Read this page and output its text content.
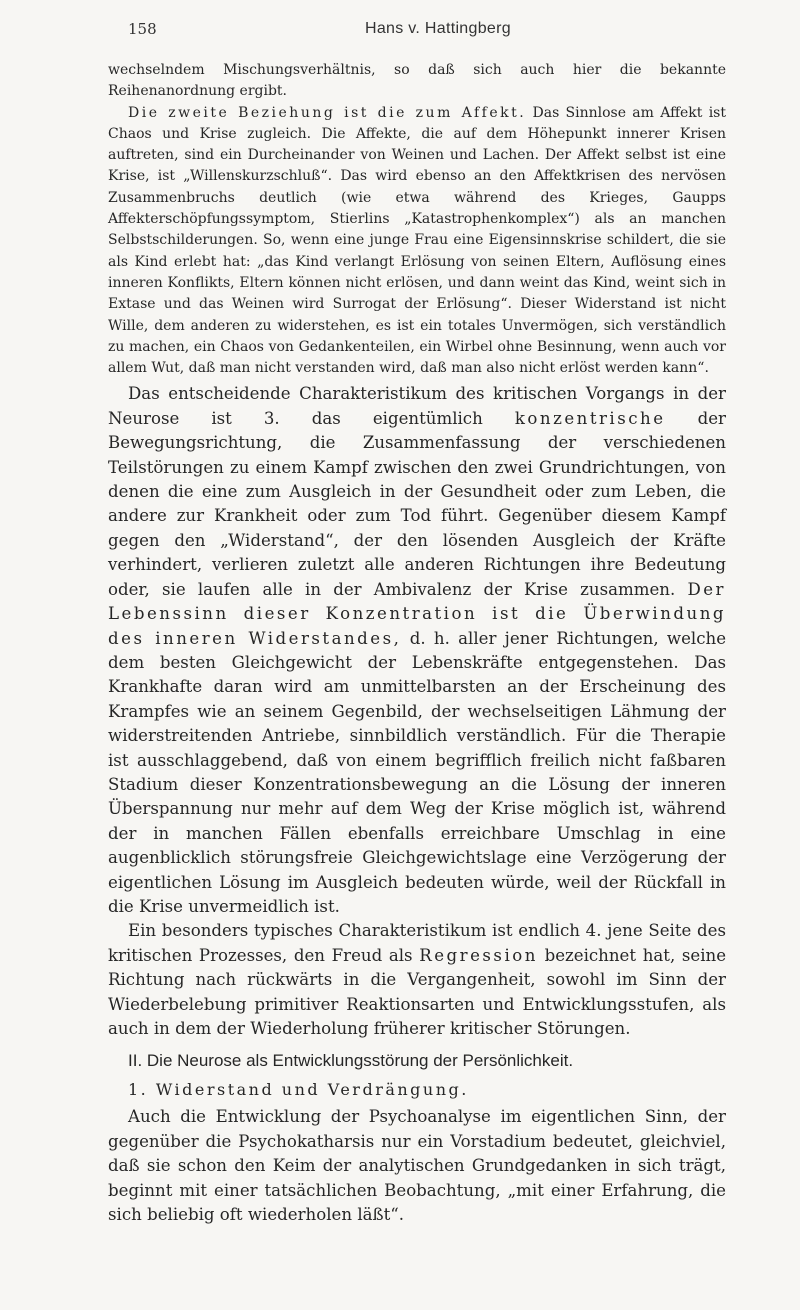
158	Hans v. Hattingberg

wechselndem Mischungsverhältnis, so daß sich auch hier die bekannte Reihenanordnung ergibt.

Die zweite Beziehung ist die zum Affekt. Das Sinnlose am Affekt ist Chaos und Krise zugleich. Die Affekte, die auf dem Höhepunkt innerer Krisen auftreten, sind ein Durcheinander von Weinen und Lachen. Der Affekt selbst ist eine Krise, ist „Willenskurzschluß“. Das wird ebenso an den Affektkrisen des nervösen Zusammenbruchs deutlich (wie etwa während des Krieges, Gaupps Affekterschöpfungssymptom, Stierlins „Katastrophenkomplex“) als an manchen Selbstschilderungen. So, wenn eine junge Frau eine Eigensinnskrise schildert, die sie als Kind erlebt hat: „das Kind verlangt Erlösung von seinen Eltern, Auflösung eines inneren Konflikts, Eltern können nicht erlösen, und dann weint das Kind, weint sich in Extase und das Weinen wird Surrogat der Erlösung“. Dieser Widerstand ist nicht Wille, dem anderen zu widerstehen, es ist ein totales Unvermögen, sich verständlich zu machen, ein Chaos von Gedankenteilen, ein Wirbel ohne Besinnung, wenn auch vor allem Wut, daß man nicht verstanden wird, daß man also nicht erlöst werden kann“.

Das entscheidende Charakteristikum des kritischen Vorgangs in der Neurose ist 3. das eigentümlich konzentrische der Bewegungsrichtung, die Zusammenfassung der verschiedenen Teilstörungen zu einem Kampf zwischen den zwei Grundrichtungen, von denen die eine zum Ausgleich in der Gesundheit oder zum Leben, die andere zur Krankheit oder zum Tod führt. Gegenüber diesem Kampf gegen den „Widerstand“, der den lösenden Ausgleich der Kräfte verhindert, verlieren zuletzt alle anderen Richtungen ihre Bedeutung oder, sie laufen alle in der Ambivalenz der Krise zusammen. Der Lebenssinn dieser Konzentration ist die Überwindung des inneren Widerstandes, d. h. aller jener Richtungen, welche dem besten Gleichgewicht der Lebenskräfte entgegenstehen. Das Krankhafte daran wird am unmittelbarsten an der Erscheinung des Krampfes wie an seinem Gegenbild, der wechselseitigen Lähmung der widerstreitenden Antriebe, sinnbildlich verständlich. Für die Therapie ist ausschlaggebend, daß von einem begrifflich freilich nicht faßbaren Stadium dieser Konzentrationsbewegung an die Lösung der inneren Überspannung nur mehr auf dem Weg der Krise möglich ist, während der in manchen Fällen ebenfalls erreichbare Umschlag in eine augenblicklich störungsfreie Gleichgewichtslage eine Verzögerung der eigentlichen Lösung im Ausgleich bedeuten würde, weil der Rückfall in die Krise unvermeidlich ist.

Ein besonders typisches Charakteristikum ist endlich 4. jene Seite des kritischen Prozesses, den Freud als Regression bezeichnet hat, seine Richtung nach rückwärts in die Vergangenheit, sowohl im Sinn der Wiederbelebung primitiver Reaktionsarten und Entwicklungsstufen, als auch in dem der Wiederholung früherer kritischer Störungen.

II. Die Neurose als Entwicklungsstörung der Persönlichkeit.

1. Widerstand und Verdrängung.

Auch die Entwicklung der Psychoanalyse im eigentlichen Sinn, der gegenüber die Psychokatharsis nur ein Vorstadium bedeutet, gleichviel, daß sie schon den Keim der analytischen Grundgedanken in sich trägt, beginnt mit einer tatsächlichen Beobachtung, „mit einer Erfahrung, die sich beliebig oft wiederholen läßt“.
